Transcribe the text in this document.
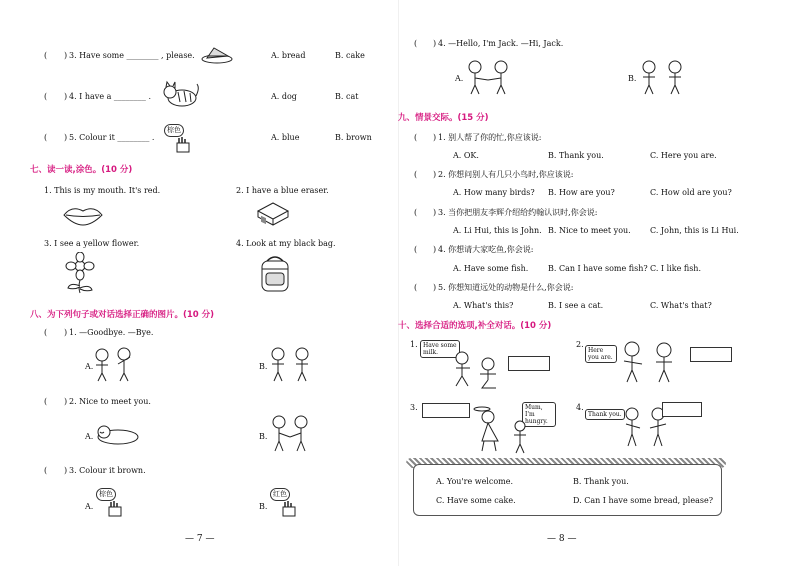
( ) 3. Have some ________ , please.	A. bread	B. cake
( ) 4. I have a ________ .	A. dog	B. cat
( ) 5. Colour it ________ .
棕色
A. blue	B. brown
七、读一读,涂色。(10 分)
1. This is my mouth. It's red.	2. I have a blue eraser.
3. I see a yellow flower.	4. Look at my black bag.
八、为下列句子或对话选择正确的图片。(10 分)
( ) 1. —Goodbye. —Bye.
A.	B.
( ) 2. Nice to meet you.
A.	B.
( ) 3. Colour it brown.
A.
棕色
B.
红色
— 7 —
( ) 4. —Hello, I'm Jack. —Hi, Jack.
A.	B.
九、情景交际。(15 分)
( ) 1. 别人帮了你的忙,你应该说:
A. OK.	B. Thank you.	C. Here you are.
( ) 2. 你想问别人有几只小鸟时,你应该说:
A. How many birds? B. How are you?	C. How old are you?
( ) 3. 当你把朋友李辉介绍给约翰认识时,你会说:
A. Li Hui, this is John. B. Nice to meet you. C. John, this is Li Hui.
( ) 4. 你想请大家吃鱼,你会说:
A. Have some fish. B. Can I have some fish? C. I like fish.
( ) 5. 你想知道远处的动物是什么,你会说:
A. What's this?	B. I see a cat.	C. What's that?
十、选择合适的选项,补全对话。(10 分)
1. Have some milk.
2.
Here you are.
3.	Mum, I'm hungry.
4.
Thank you.
A. You're welcome.	B. Thank you.
C. Have some cake.	D. Can I have some bread, please?
— 8 —
